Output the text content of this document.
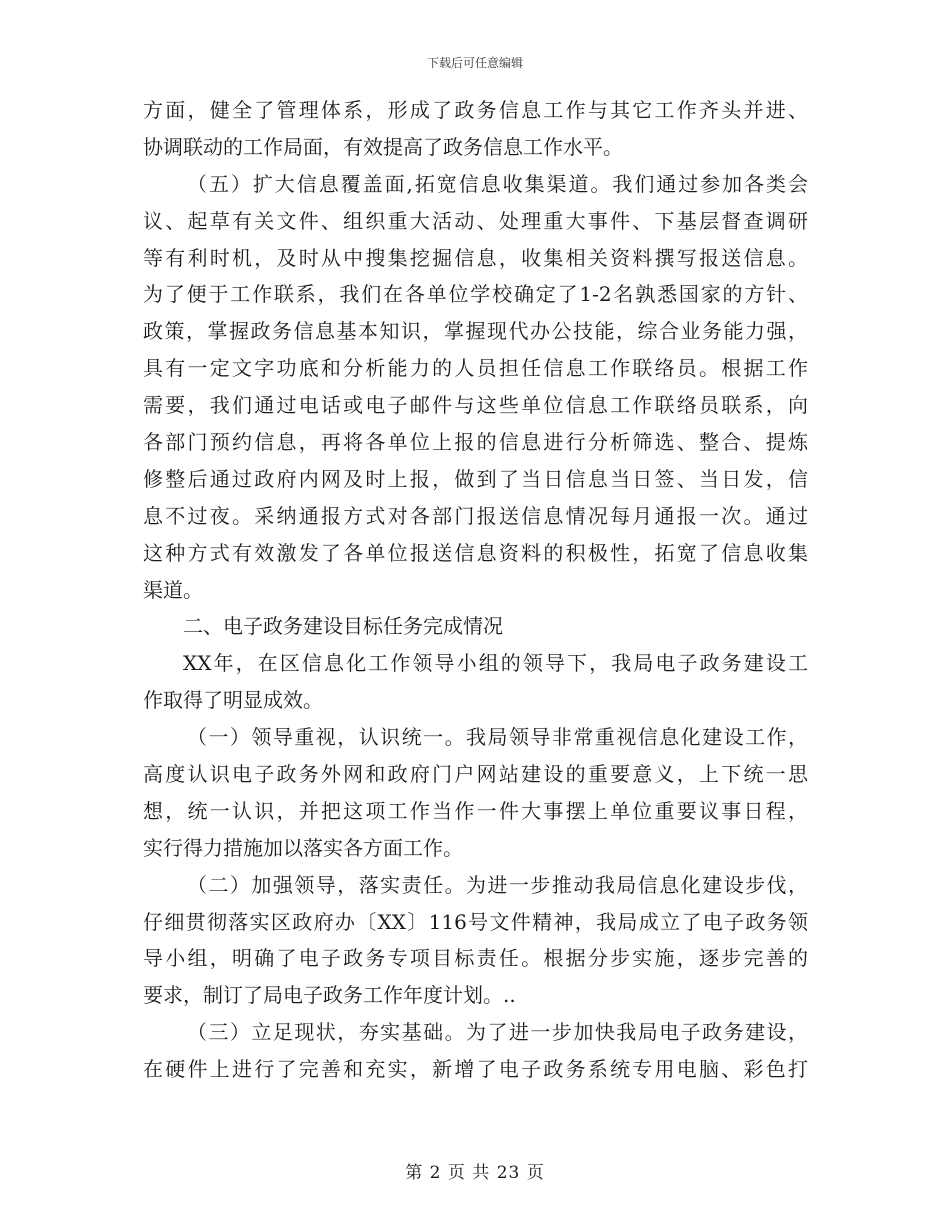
下载后可任意编辑
方面，健全了管理体系，形成了政务信息工作与其它工作齐头并进、
协调联动的工作局面，有效提高了政务信息工作水平。
（五）扩大信息覆盖面,拓宽信息收集渠道。我们通过参加各类会
议、起草有关文件、组织重大活动、处理重大事件、下基层督查调研
等有利时机，及时从中搜集挖掘信息，收集相关资料撰写报送信息。
为了便于工作联系，我们在各单位学校确定了1-2名孰悉国家的方针、
政策，掌握政务信息基本知识，掌握现代办公技能，综合业务能力强，
具有一定文字功底和分析能力的人员担任信息工作联络员。根据工作
需要，我们通过电话或电子邮件与这些单位信息工作联络员联系，向
各部门预约信息，再将各单位上报的信息进行分析筛选、整合、提炼
修整后通过政府内网及时上报，做到了当日信息当日签、当日发，信
息不过夜。采纳通报方式对各部门报送信息情况每月通报一次。通过
这种方式有效激发了各单位报送信息资料的积极性，拓宽了信息收集
渠道。
二、电子政务建设目标任务完成情况
XX年，在区信息化工作领导小组的领导下，我局电子政务建设工
作取得了明显成效。
（一）领导重视，认识统一。我局领导非常重视信息化建设工作，
高度认识电子政务外网和政府门户网站建设的重要意义，上下统一思
想，统一认识，并把这项工作当作一件大事摆上单位重要议事日程，
实行得力措施加以落实各方面工作。
（二）加强领导，落实责任。为进一步推动我局信息化建设步伐，
仔细贯彻落实区政府办〔XX〕116号文件精神，我局成立了电子政务领
导小组，明确了电子政务专项目标责任。根据分步实施，逐步完善的
要求，制订了局电子政务工作年度计划。..
（三）立足现状，夯实基础。为了进一步加快我局电子政务建设，
在硬件上进行了完善和充实，新增了电子政务系统专用电脑、彩色打
第 2 页 共 23 页
